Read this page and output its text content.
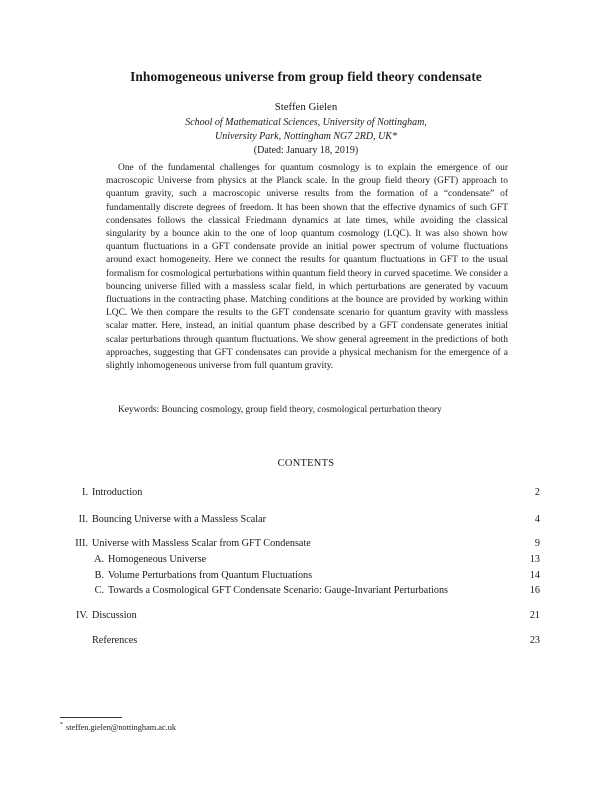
Inhomogeneous universe from group field theory condensate
Steffen Gielen
School of Mathematical Sciences, University of Nottingham,
University Park, Nottingham NG7 2RD, UK*
(Dated: January 18, 2019)

One of the fundamental challenges for quantum cosmology is to explain the emergence of our macroscopic Universe from physics at the Planck scale. In the group field theory (GFT) approach to quantum gravity, such a macroscopic universe results from the formation of a “condensate” of fundamentally discrete degrees of freedom. It has been shown that the effective dynamics of such GFT condensates follows the classical Friedmann dynamics at late times, while avoiding the classical singularity by a bounce akin to the one of loop quantum cosmology (LQC). It was also shown how quantum fluctuations in a GFT condensate provide an initial power spectrum of volume fluctuations around exact homogeneity. Here we connect the results for quantum fluctuations in GFT to the usual formalism for cosmological perturbations within quantum field theory in curved spacetime. We consider a bouncing universe filled with a massless scalar field, in which perturbations are generated by vacuum fluctuations in the contracting phase. Matching conditions at the bounce are provided by working within LQC. We then compare the results to the GFT condensate scenario for quantum gravity with massless scalar matter. Here, instead, an initial quantum phase described by a GFT condensate generates initial scalar perturbations through quantum fluctuations. We show general agreement in the predictions of both approaches, suggesting that GFT condensates can provide a physical mechanism for the emergence of a slightly inhomogeneous universe from full quantum gravity.

Keywords: Bouncing cosmology, group field theory, cosmological perturbation theory
CONTENTS
I. Introduction	2
II. Bouncing Universe with a Massless Scalar	4
III. Universe with Massless Scalar from GFT Condensate	9
A. Homogeneous Universe	13
B. Volume Perturbations from Quantum Fluctuations	14
C. Towards a Cosmological GFT Condensate Scenario: Gauge-Invariant Perturbations	16
IV. Discussion	21
References	23
* steffen.gielen@nottingham.ac.uk
